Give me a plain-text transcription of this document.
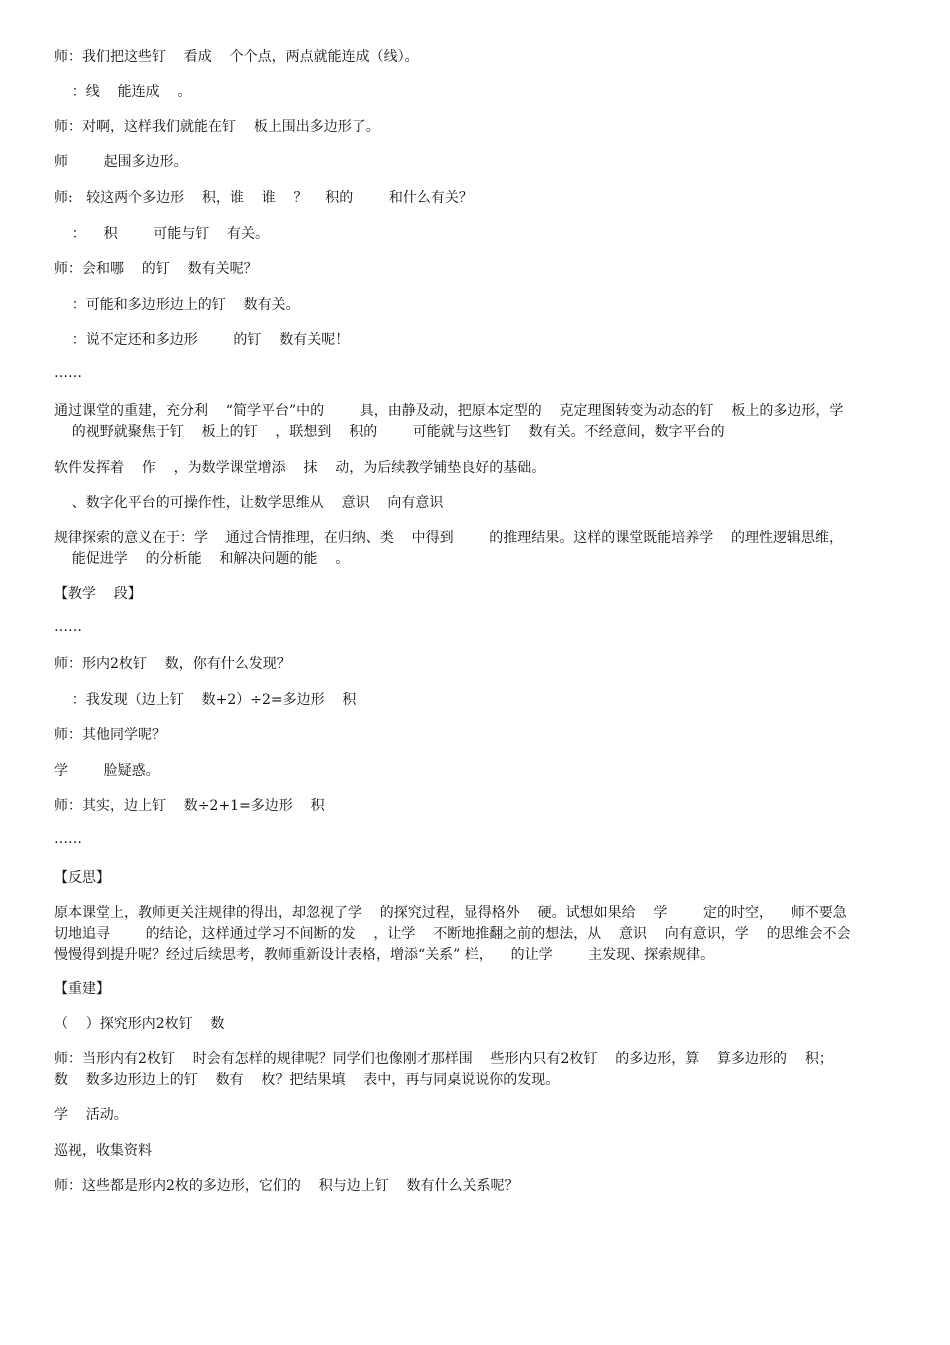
师：我们把这些钉    看成    个个点，两点就能连成（线）。
：线    能连成    。
师：对啊，这样我们就能在钉    板上围出多边形了。
师        起围多边形。
师:   较这两个多边形    积，谁    谁    ？    积的        和什么有关？
：    积        可能与钉    有关。
师：会和哪    的钉    数有关呢？
：可能和多边形边上的钉    数有关。
：说不定还和多边形        的钉    数有关呢！
……
通过课堂的重建，充分利    “简学平台”中的        具，由静及动，把原本定型的    克定理图转变为动态的钉    板上的多边形，学
的视野就聚焦于钉    板上的钉    ，联想到    积的        可能就与这些钉    数有关。不经意间，数字平台的
软件发挥着    作    ，为数学课堂增添    抹    动，为后续教学铺垫良好的基础。
、数字化平台的可操作性，让数学思维从    意识    向有意识
规律探索的意义在于：学    通过合情推理，在归纳、类    中得到        的推理结果。这样的课堂既能培养学    的理性逻辑思维，
能促进学    的分析能    和解决问题的能    。
【教学    段】
……
师：形内2枚钉    数，你有什么发现？
：我发现（边上钉    数+2）÷2=多边形    积
师：其他同学呢？
学        脸疑惑。
师：其实，边上钉    数÷2+1=多边形    积
……
【反思】
原本课堂上，教师更关注规律的得出，却忽视了学    的探究过程，显得格外    硬。试想如果给    学        定的时空，    师不要急
切地追寻        的结论，这样通过学习不间断的发    ，让学    不断地推翻之前的想法，从    意识    向有意识，学    的思维会不会
慢慢得到提升呢？经过后续思考，教师重新设计表格，增添“关系” 栏，    的让学        主发现、探索规律。
【重建】
（    ）探究形内2枚钉    数
师：当形内有2枚钉    时会有怎样的规律呢？同学们也像刚才那样围    些形内只有2枚钉    的多边形，算    算多边形的    积；
数    数多边形边上的钉    数有    枚？把结果填    表中，再与同桌说说你的发现。
学    活动。
巡视，收集资料
师：这些都是形内2枚的多边形，它们的    积与边上钉    数有什么关系呢？
